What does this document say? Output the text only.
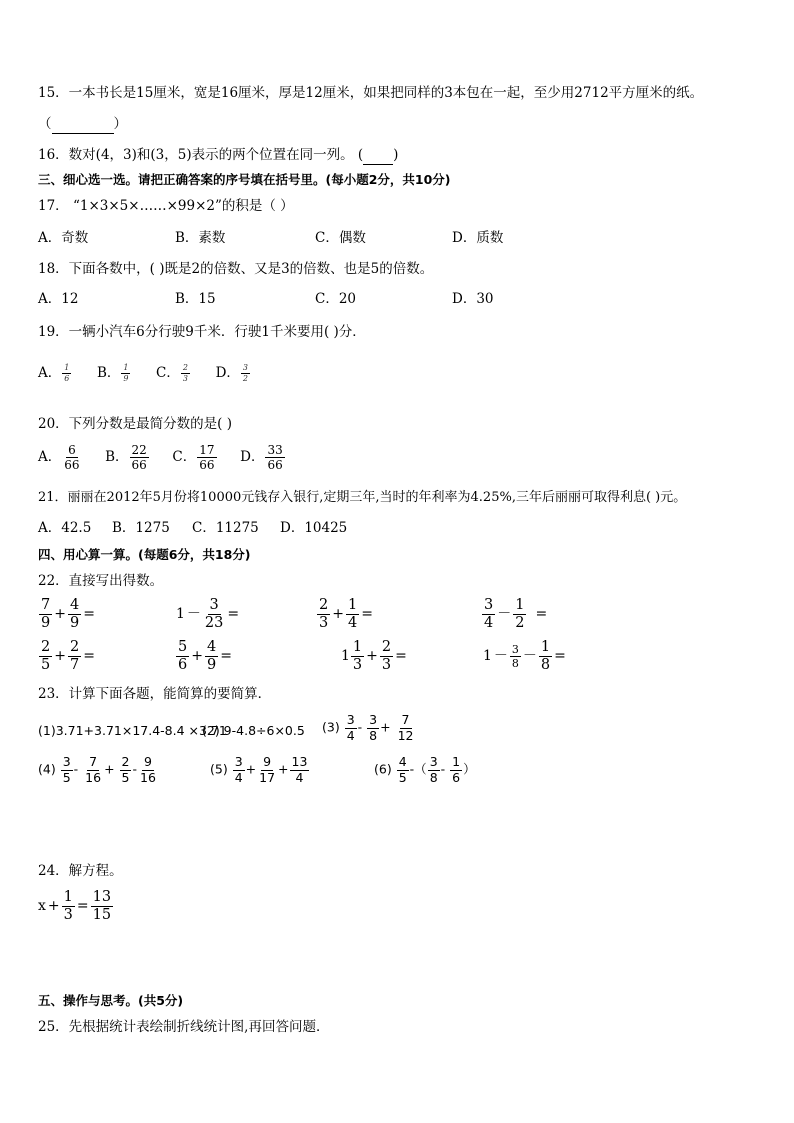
15．一本书长是15厘米，宽是16厘米，厚是12厘米，如果把同样的3本包在一起，至少用2712平方厘米的纸。
（	）
16．数对(4，3)和(3，5)表示的两个位置在同一列。 ( )
三、细心选一选。请把正确答案的序号填在括号里。(每小题2分，共10分)
17． “1×3×5×……×99×2”的积是（ ）
A．奇数	B．素数	C．偶数	D．质数
18．下面各数中，( )既是2的倍数、又是3的倍数、也是5的倍数。
A．12	B．15	C．20	D．30
19．一辆小汽车6分行驶9千米．行驶1千米要用( )分．
A． $\frac{1}{6}$ B． $\frac{1}{9}$ C． $\frac{2}{3}$ D． $\frac{3}{2}$
20．下列分数是最简分数的是( )
A． $\frac{6}{66}$ B． $\frac{22}{66}$ C． $\frac{17}{66}$ D． $\frac{33}{66}$
21．丽丽在2012年5月份将10000元钱存入银行,定期三年,当时的年利率为4.25%,三年后丽丽可取得利息( )元。
A．42.5 B．1275 C．11275 D．10425
四、用心算一算。(每题6分，共18分)
22．直接写出得数。
$\frac{7}{9} + \frac{4}{9}$ =	$1 - \frac{3}{23}$ =	$\frac{2}{3} + \frac{1}{4}$ =	$\frac{3}{4} - \frac{1}{2}$ =
$\frac{2}{5} + \frac{2}{7}$ =	$\frac{5}{6} + \frac{4}{9}$ =	$1 \frac{1}{3} + \frac{2}{3}$ =	$1 - \frac{3}{8} - \frac{1}{8}$ =
23．计算下面各题，能简算的要简算．
(1)3.71+3.71×17.4-8.4 ×3.71
(2) 9-4.8÷6×0.5 $(3) \frac{3}{4} - \frac{3}{8} + \frac{7}{12}$
$(4) \frac{3}{5} - \frac{7}{16} + \frac{2}{5} - \frac{9}{16}$	$(5) \frac{3}{4} + \frac{9}{17} + \frac{13}{4}$	$(6) \frac{4}{5}$ -（ $\frac{3}{8} - \frac{1}{6}$ ）
24．解方程。
$x + \frac{1}{3} = \frac{13}{15}$
五、操作与思考。(共5分)
25．先根据统计表绘制折线统计图,再回答问题．
